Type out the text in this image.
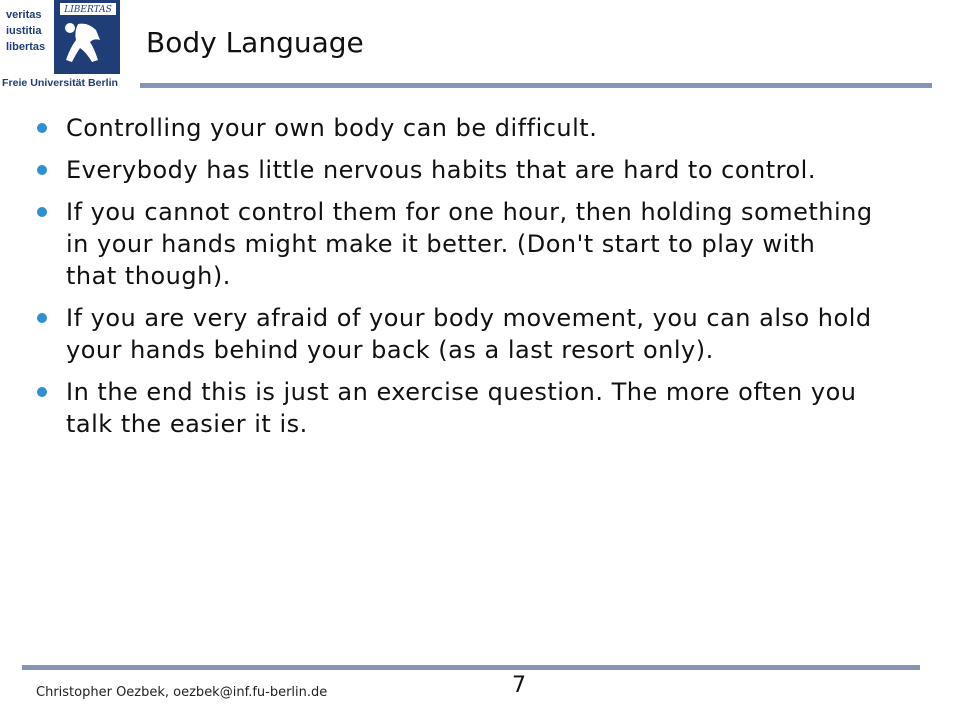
LIBERTAS
veritas
iustitia
libertas
Freie Universität Berlin
Body Language
Controlling your own body can be difficult.
Everybody has little nervous habits that are hard to control.
If you cannot control them for one hour, then holding something in your hands might make it better. (Don't start to play with that though).
If you are very afraid of your body movement, you can also hold your hands behind your back (as a last resort only).
In the end this is just an exercise question. The more often you talk the easier it is.
Christopher Oezbek, oezbek@inf.fu-berlin.de	7
